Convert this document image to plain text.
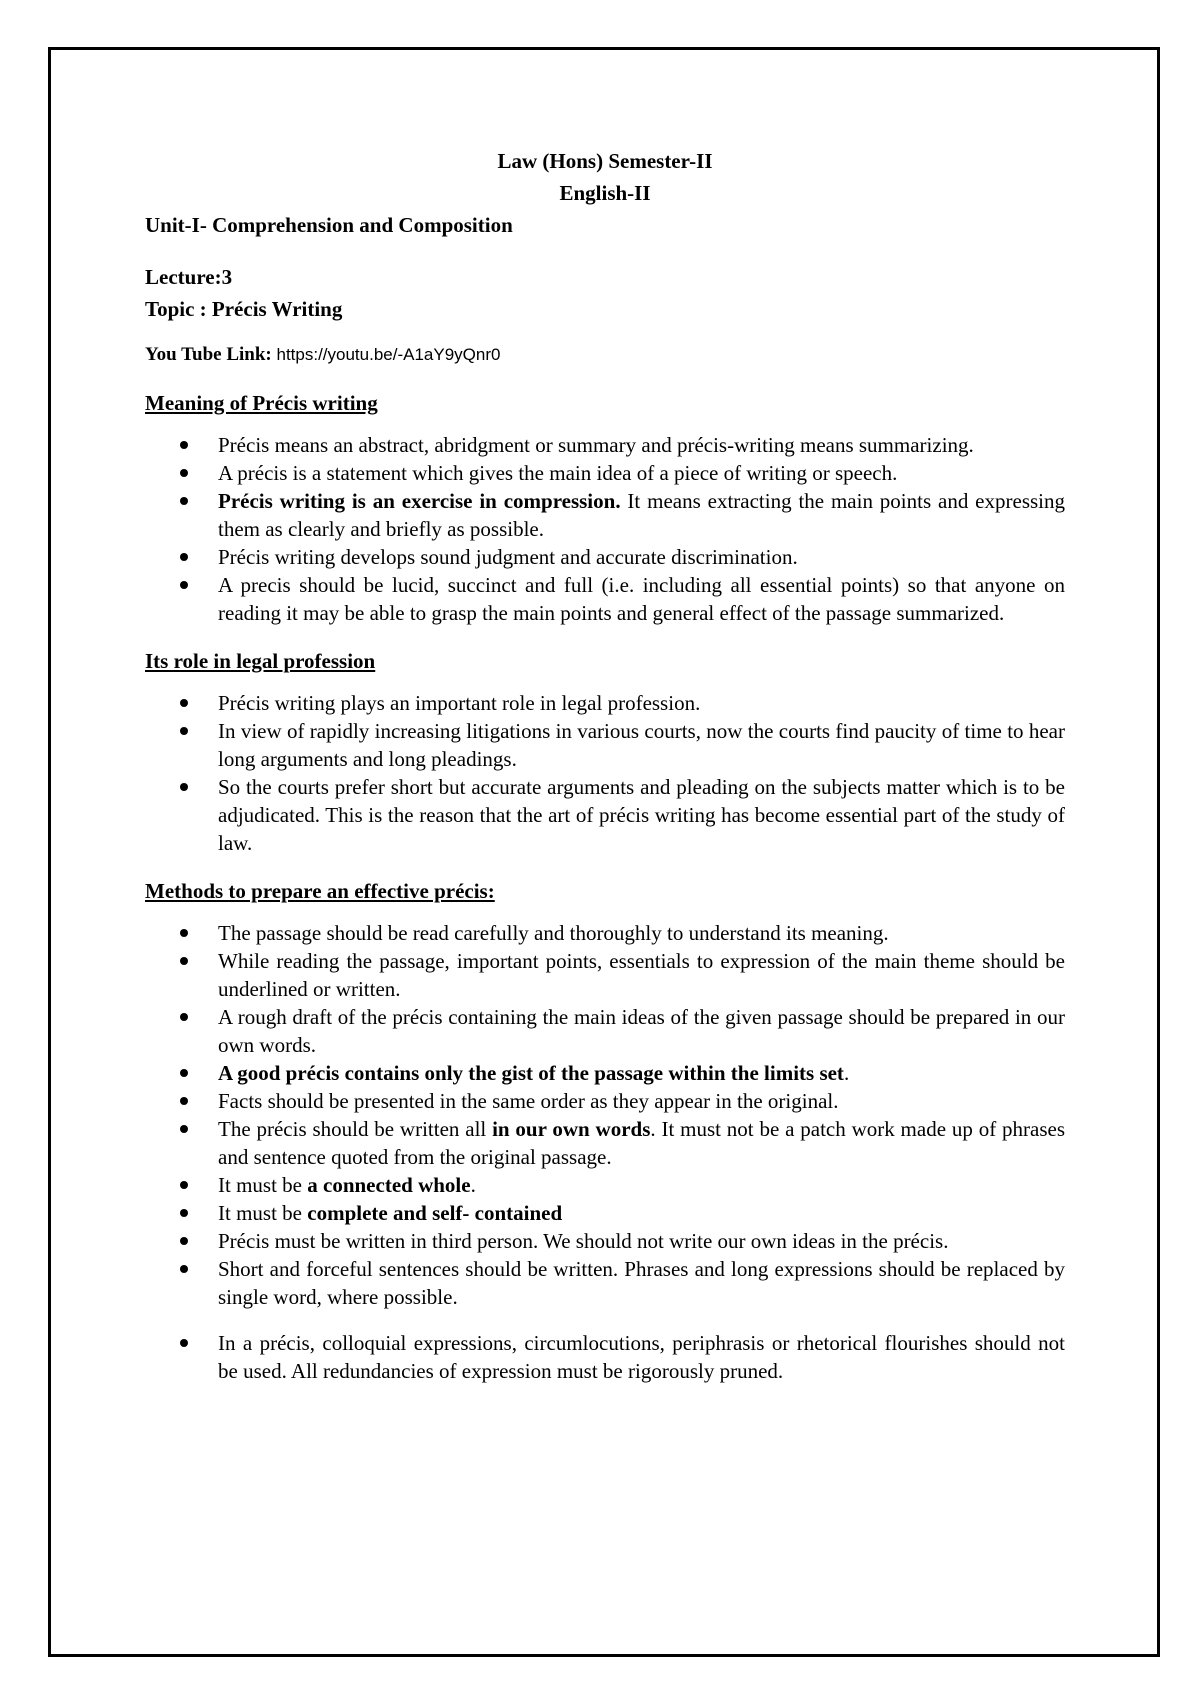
Law (Hons) Semester-II
English-II
Unit-I- Comprehension and Composition
Lecture:3
Topic : Précis Writing
You Tube Link: https://youtu.be/-A1aY9yQnr0
Meaning of Précis writing
Précis means an abstract, abridgment or summary and précis-writing means summarizing.
A précis is a statement which gives the main idea of a piece of writing or speech.
Précis writing is an exercise in compression. It means extracting the main points and expressing them as clearly and briefly as possible.
Précis writing develops sound judgment and accurate discrimination.
A precis should be lucid, succinct and full (i.e. including all essential points) so that anyone on reading it may be able to grasp the main points and general effect of the passage summarized.
Its role in legal profession
Précis writing plays an important role in legal profession.
In view of rapidly increasing litigations in various courts, now the courts find paucity of time to hear long arguments and long pleadings.
So the courts prefer short but accurate arguments and pleading on the subjects matter which is to be adjudicated. This is the reason that the art of précis writing has become essential part of the study of law.
Methods to prepare an effective précis:
The passage should be read carefully and thoroughly to understand its meaning.
While reading the passage, important points, essentials to expression of the main theme should be underlined or written.
A rough draft of the précis containing the main ideas of the given passage should be prepared in our own words.
A good précis contains only the gist of the passage within the limits set.
Facts should be presented in the same order as they appear in the original.
The précis should be written all in our own words. It must not be a patch work made up of phrases and sentence quoted from the original passage.
It must be a connected whole.
It must be complete and self- contained
Précis must be written in third person. We should not write our own ideas in the précis.
Short and forceful sentences should be written. Phrases and long expressions should be replaced by single word, where possible.
In a précis, colloquial expressions, circumlocutions, periphrasis or rhetorical flourishes should not be used. All redundancies of expression must be rigorously pruned.
